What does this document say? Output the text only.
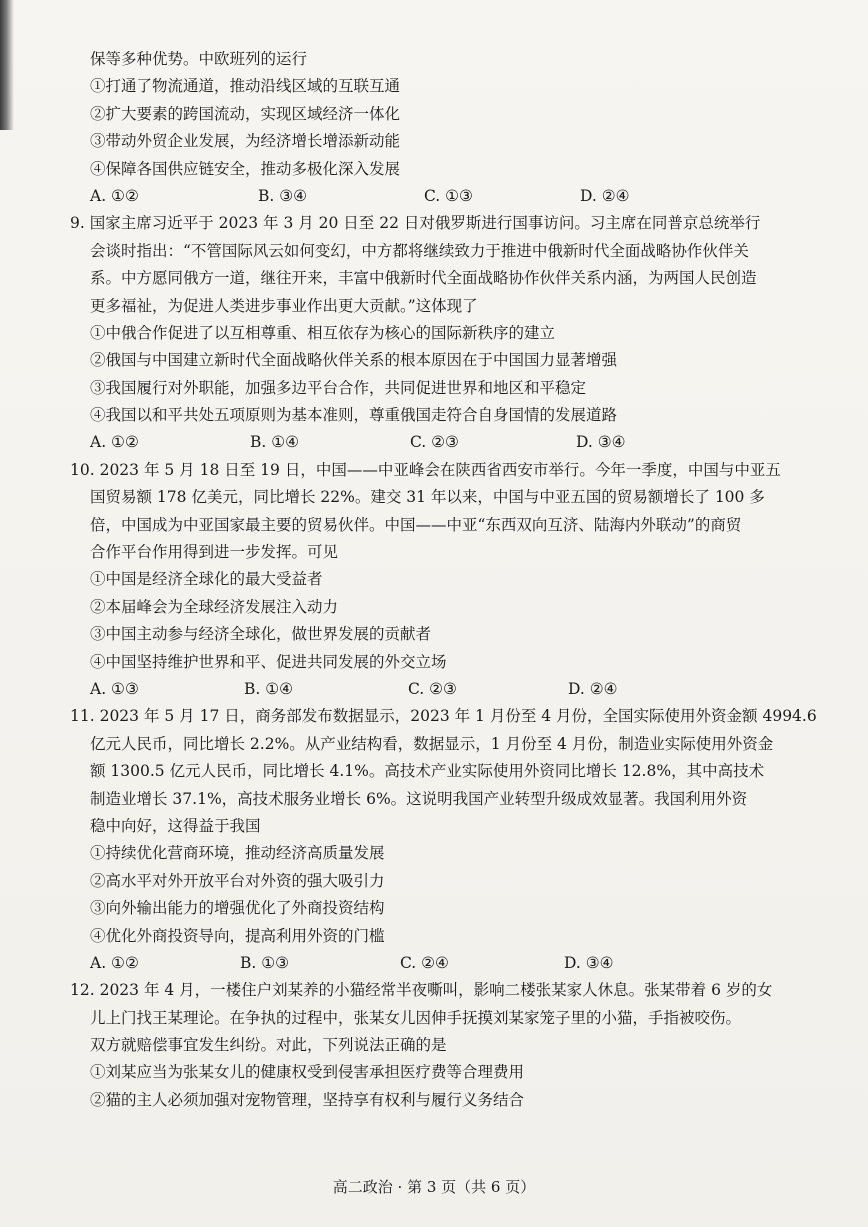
保等多种优势。中欧班列的运行
①打通了物流通道，推动沿线区域的互联互通
②扩大要素的跨国流动，实现区域经济一体化
③带动外贸企业发展，为经济增长增添新动能
④保障各国供应链安全，推动多极化深入发展
A. ①②	B. ③④	C. ①③	D. ②④
9. 国家主席习近平于 2023 年 3 月 20 日至 22 日对俄罗斯进行国事访问。习主席在同普京总统举行
会谈时指出：“不管国际风云如何变幻，中方都将继续致力于推进中俄新时代全面战略协作伙伴关
系。中方愿同俄方一道，继往开来，丰富中俄新时代全面战略协作伙伴关系内涵，为两国人民创造
更多福祉，为促进人类进步事业作出更大贡献。”这体现了
①中俄合作促进了以互相尊重、相互依存为核心的国际新秩序的建立
②俄国与中国建立新时代全面战略伙伴关系的根本原因在于中国国力显著增强
③我国履行对外职能，加强多边平台合作，共同促进世界和地区和平稳定
④我国以和平共处五项原则为基本准则，尊重俄国走符合自身国情的发展道路
A. ①②	B. ①④	C. ②③	D. ③④
10. 2023 年 5 月 18 日至 19 日，中国——中亚峰会在陕西省西安市举行。今年一季度，中国与中亚五
国贸易额 178 亿美元，同比增长 22%。建交 31 年以来，中国与中亚五国的贸易额增长了 100 多
倍，中国成为中亚国家最主要的贸易伙伴。中国——中亚“东西双向互济、陆海内外联动”的商贸
合作平台作用得到进一步发挥。可见
①中国是经济全球化的最大受益者
②本届峰会为全球经济发展注入动力
③中国主动参与经济全球化，做世界发展的贡献者
④中国坚持维护世界和平、促进共同发展的外交立场
A. ①③	B. ①④	C. ②③	D. ②④
11. 2023 年 5 月 17 日，商务部发布数据显示，2023 年 1 月份至 4 月份，全国实际使用外资金额 4994.6
亿元人民币，同比增长 2.2%。从产业结构看，数据显示，1 月份至 4 月份，制造业实际使用外资金
额 1300.5 亿元人民币，同比增长 4.1%。高技术产业实际使用外资同比增长 12.8%，其中高技术
制造业增长 37.1%，高技术服务业增长 6%。这说明我国产业转型升级成效显著。我国利用外资
稳中向好，这得益于我国
①持续优化营商环境，推动经济高质量发展
②高水平对外开放平台对外资的强大吸引力
③向外输出能力的增强优化了外商投资结构
④优化外商投资导向，提高利用外资的门槛
A. ①②	B. ①③	C. ②④	D. ③④
12. 2023 年 4 月，一楼住户刘某养的小猫经常半夜嘶叫，影响二楼张某家人休息。张某带着 6 岁的女
儿上门找王某理论。在争执的过程中，张某女儿因伸手抚摸刘某家笼子里的小猫，手指被咬伤。
双方就赔偿事宜发生纠纷。对此，下列说法正确的是
①刘某应当为张某女儿的健康权受到侵害承担医疗费等合理费用
②猫的主人必须加强对宠物管理，坚持享有权利与履行义务结合
高二政治 · 第 3 页（共 6 页）
